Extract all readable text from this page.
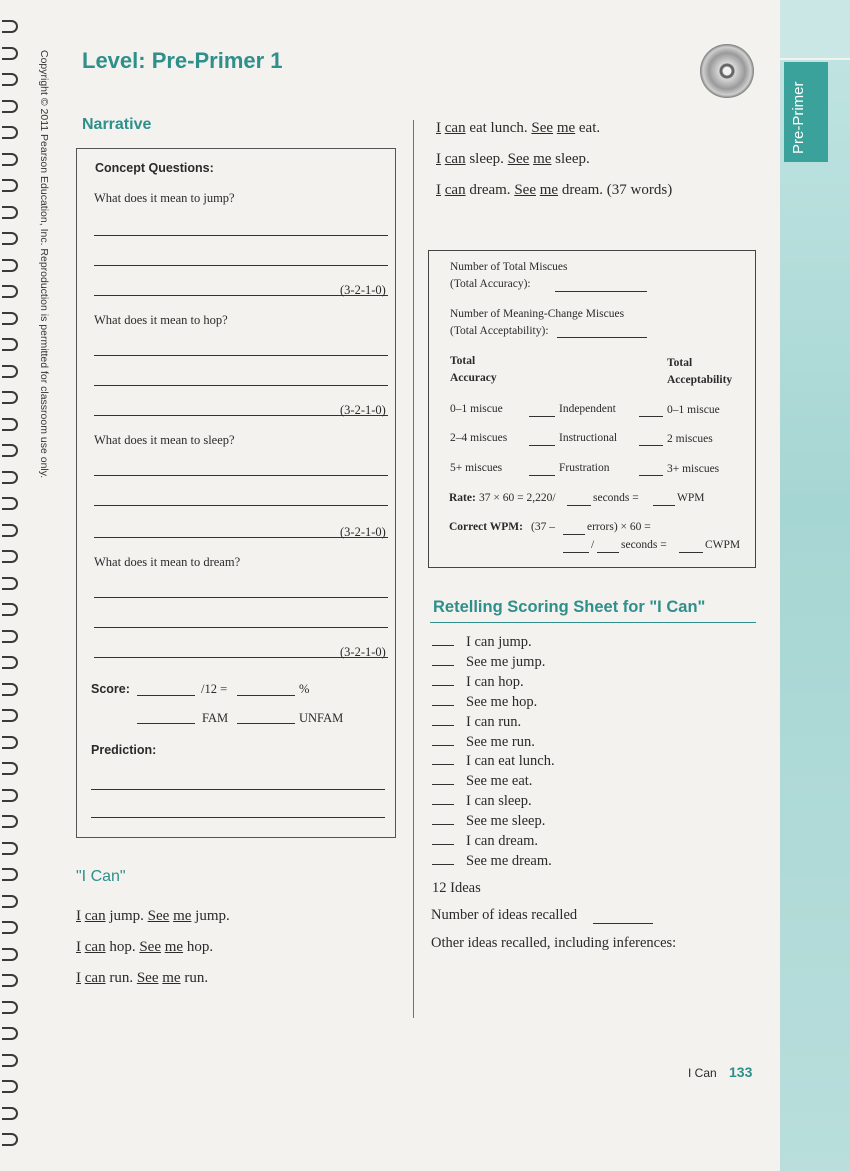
Copyright © 2011 Pearson Education, Inc. Reproduction is permitted for classroom use only.	Pre-Primer
Level: Pre-Primer 1
Narrative
Concept Questions:
What does it mean to jump?
(3-2-1-0)
What does it mean to hop?
(3-2-1-0)
What does it mean to sleep?
(3-2-1-0)
What does it mean to dream?
(3-2-1-0)
Score:	/12 =	%
FAM	UNFAM
Prediction:
"I Can"
I can jump. See me jump.
I can hop. See me hop.
I can run. See me run.
I can eat lunch. See me eat.
I can sleep. See me sleep.
I can dream. See me dream. (37 words)
Number of Total Miscues
(Total Accuracy):
Number of Meaning-Change Miscues
(Total Acceptability):
Total
Accuracy
Total
Acceptability
0–1 miscue	Independent	0–1 miscue
2–4 miscues	Instructional	2 miscues
5+ miscues	Frustration	3+ miscues
Rate: 37 × 60 = 2,220/	seconds =	WPM
Correct WPM: (37 –	errors) × 60 =
/ seconds =	CWPM
Retelling Scoring Sheet for "I Can"
I can jump.
See me jump.
I can hop.
See me hop.
I can run.
See me run.
I can eat lunch.
See me eat.
I can sleep.
See me sleep.
I can dream.
See me dream.
12 Ideas
Number of ideas recalled
Other ideas recalled, including inferences:
I Can 133
